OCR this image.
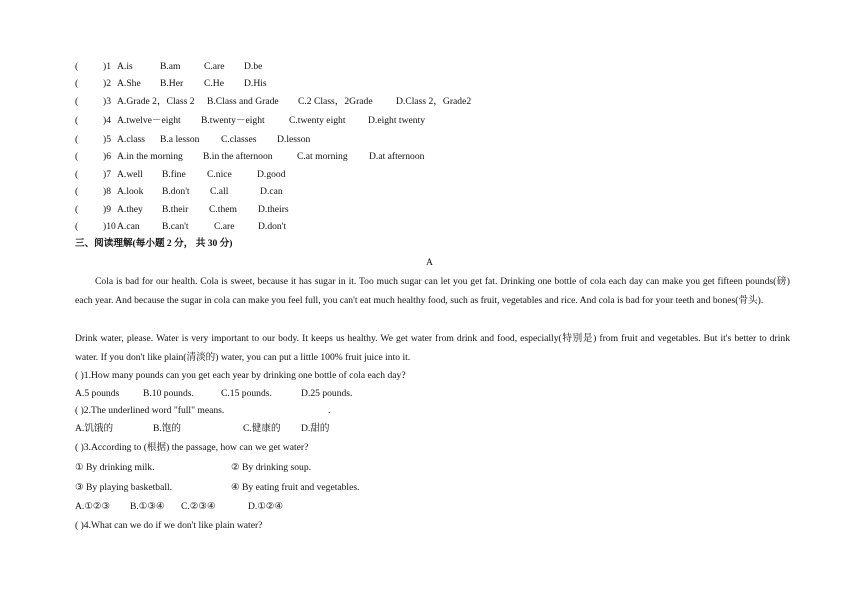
(	)1 A.is	B.am C.are D.be
(	)2 A.She B.Her C.He D.His
(	)3 A.Grade 2，Class 2 B.Class and Grade C.2 Class，2Grade D.Class 2，Grade2
(	)4 A.twelve－eight B.twenty－eight	C.twenty eight D.eight twenty
(	)5 A.class B.a lesson C.classes D.lesson
(	)6 A.in the morning B.in the afternoon	C.at morning D.at afternoon
(	)7 A.well B.fine C.nice	D.good
(	)8 A.look B.don't C.all	D.can
(	)9 A.they B.their C.them D.theirs
(	)10 A.can B.can't	C.are D.don't
三、阅读理解(每小题 2 分， 共 30 分)
A
Cola is bad for our health. Cola is sweet, because it has sugar in it. Too much sugar can let you get fat. Drinking one bottle of cola each day can make you get fifteen pounds(磅) each year. And because the sugar in cola can make you feel full, you can't eat much healthy food, such as fruit, vegetables and rice. And cola is bad for your teeth and bones(骨头).
Drink water, please. Water is very important to our body. It keeps us healthy. We get water from drink and food, especially(特别是) from fruit and vegetables. But it's better to drink water. If you don't like plain(清淡的) water, you can put a little 100% fruit juice into it.
( )1.How many pounds can you get each year by drinking one bottle of cola each day?
A.5 pounds B.10 pounds.	C.15 pounds.	D.25 pounds.
( )2.The underlined word "full" means.	.
A.饥饿的	B.饱的	C.健康的 D.甜的
( )3.According to (根据) the passage, how can we get water?
① By drinking milk.	② By drinking soup.
③ By playing basketball.	④ By eating fruit and vegetables.
A.①②③ B.①③④ C.②③④	D.①②④
( )4.What can we do if we don't like plain water?
